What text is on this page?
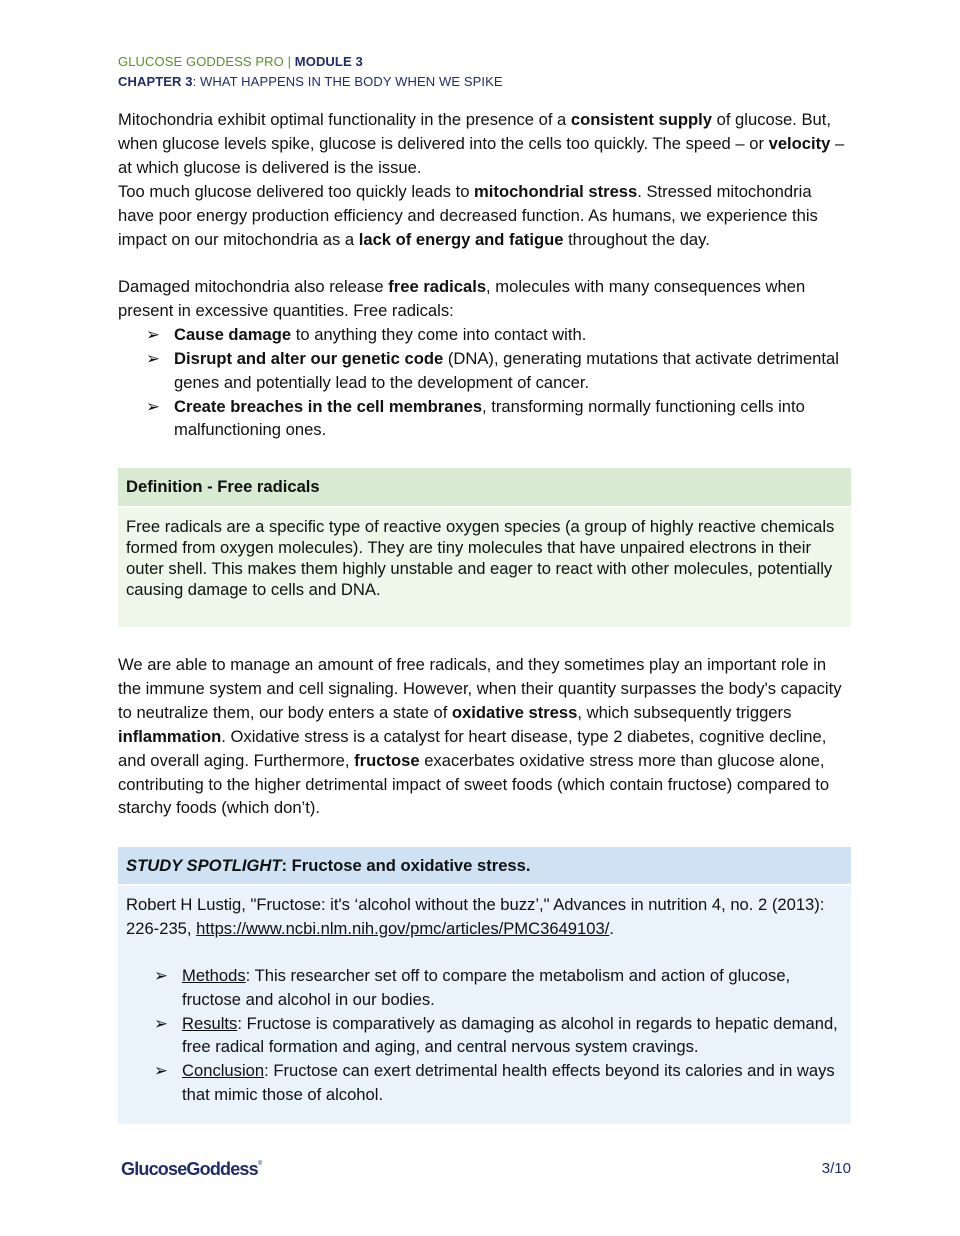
GLUCOSE GODDESS PRO | MODULE 3
CHAPTER 3: WHAT HAPPENS IN THE BODY WHEN WE SPIKE
Mitochondria exhibit optimal functionality in the presence of a consistent supply of glucose. But, when glucose levels spike, glucose is delivered into the cells too quickly. The speed – or velocity – at which glucose is delivered is the issue.
Too much glucose delivered too quickly leads to mitochondrial stress. Stressed mitochondria have poor energy production efficiency and decreased function. As humans, we experience this impact on our mitochondria as a lack of energy and fatigue throughout the day.
Damaged mitochondria also release free radicals, molecules with many consequences when present in excessive quantities. Free radicals:
➢ Cause damage to anything they come into contact with.
➢ Disrupt and alter our genetic code (DNA), generating mutations that activate detrimental genes and potentially lead to the development of cancer.
➢ Create breaches in the cell membranes, transforming normally functioning cells into malfunctioning ones.
Definition - Free radicals
Free radicals are a specific type of reactive oxygen species (a group of highly reactive chemicals formed from oxygen molecules). They are tiny molecules that have unpaired electrons in their outer shell. This makes them highly unstable and eager to react with other molecules, potentially causing damage to cells and DNA.
We are able to manage an amount of free radicals, and they sometimes play an important role in the immune system and cell signaling. However, when their quantity surpasses the body's capacity to neutralize them, our body enters a state of oxidative stress, which subsequently triggers inflammation. Oxidative stress is a catalyst for heart disease, type 2 diabetes, cognitive decline, and overall aging. Furthermore, fructose exacerbates oxidative stress more than glucose alone, contributing to the higher detrimental impact of sweet foods (which contain fructose) compared to starchy foods (which don’t).
STUDY SPOTLIGHT: Fructose and oxidative stress.
Robert H Lustig, "Fructose: it's ‘alcohol without the buzz’," Advances in nutrition 4, no. 2 (2013): 226-235, https://www.ncbi.nlm.nih.gov/pmc/articles/PMC3649103/.
➢ Methods: This researcher set off to compare the metabolism and action of glucose, fructose and alcohol in our bodies.
➢ Results: Fructose is comparatively as damaging as alcohol in regards to hepatic demand, free radical formation and aging, and central nervous system cravings.
➢ Conclusion: Fructose can exert detrimental health effects beyond its calories and in ways that mimic those of alcohol.
GlucoseGoddess®	3/10
